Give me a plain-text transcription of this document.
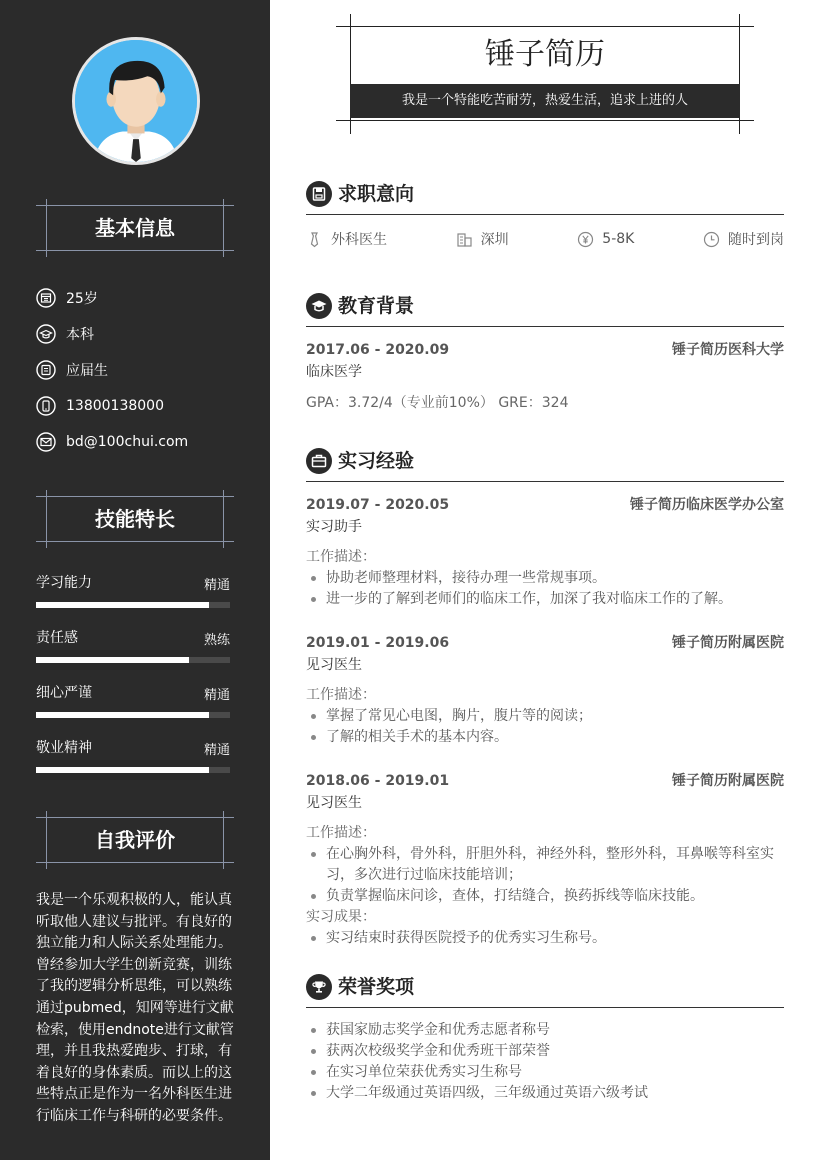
基本信息
25岁
本科
应届生
13800138000
bd@100chui.com
技能特长
学习能力	精通
责任感	熟练
细心严谨	精通
敬业精神	精通
自我评价
我是一个乐观积极的人，能认真听取他人建议与批评。有良好的独立能力和人际关系处理能力。曾经参加大学生创新竞赛，训练了我的逻辑分析思维，可以熟练通过pubmed，知网等进行文献检索，使用endnote进行文献管理，并且我热爱跑步、打球，有着良好的身体素质。而以上的这些特点正是作为一名外科医生进行临床工作与科研的必要条件。
锤子简历
我是一个特能吃苦耐劳，热爱生活，追求上进的人
求职意向
外科医生	深圳	5-8K	随时到岗
教育背景
2017.06 - 2020.09	锤子简历医科大学
临床医学
GPA：3.72/4（专业前10%） GRE：324
实习经验
2019.07 - 2020.05	锤子简历临床医学办公室
实习助手
工作描述：
协助老师整理材料，接待办理一些常规事项。
进一步的了解到老师们的临床工作，加深了我对临床工作的了解。
2019.01 - 2019.06	锤子简历附属医院
见习医生
工作描述：
掌握了常见心电图，胸片，腹片等的阅读；
了解的相关手术的基本内容。
2018.06 - 2019.01	锤子简历附属医院
见习医生
工作描述：
在心胸外科，骨外科，肝胆外科，神经外科，整形外科，耳鼻喉等科室实习，多次进行过临床技能培训；
负责掌握临床问诊，查体，打结缝合，换药拆线等临床技能。
实习成果：
实习结束时获得医院授予的优秀实习生称号。
荣誉奖项
获国家励志奖学金和优秀志愿者称号
获两次校级奖学金和优秀班干部荣誉
在实习单位荣获优秀实习生称号
大学二年级通过英语四级，三年级通过英语六级考试
